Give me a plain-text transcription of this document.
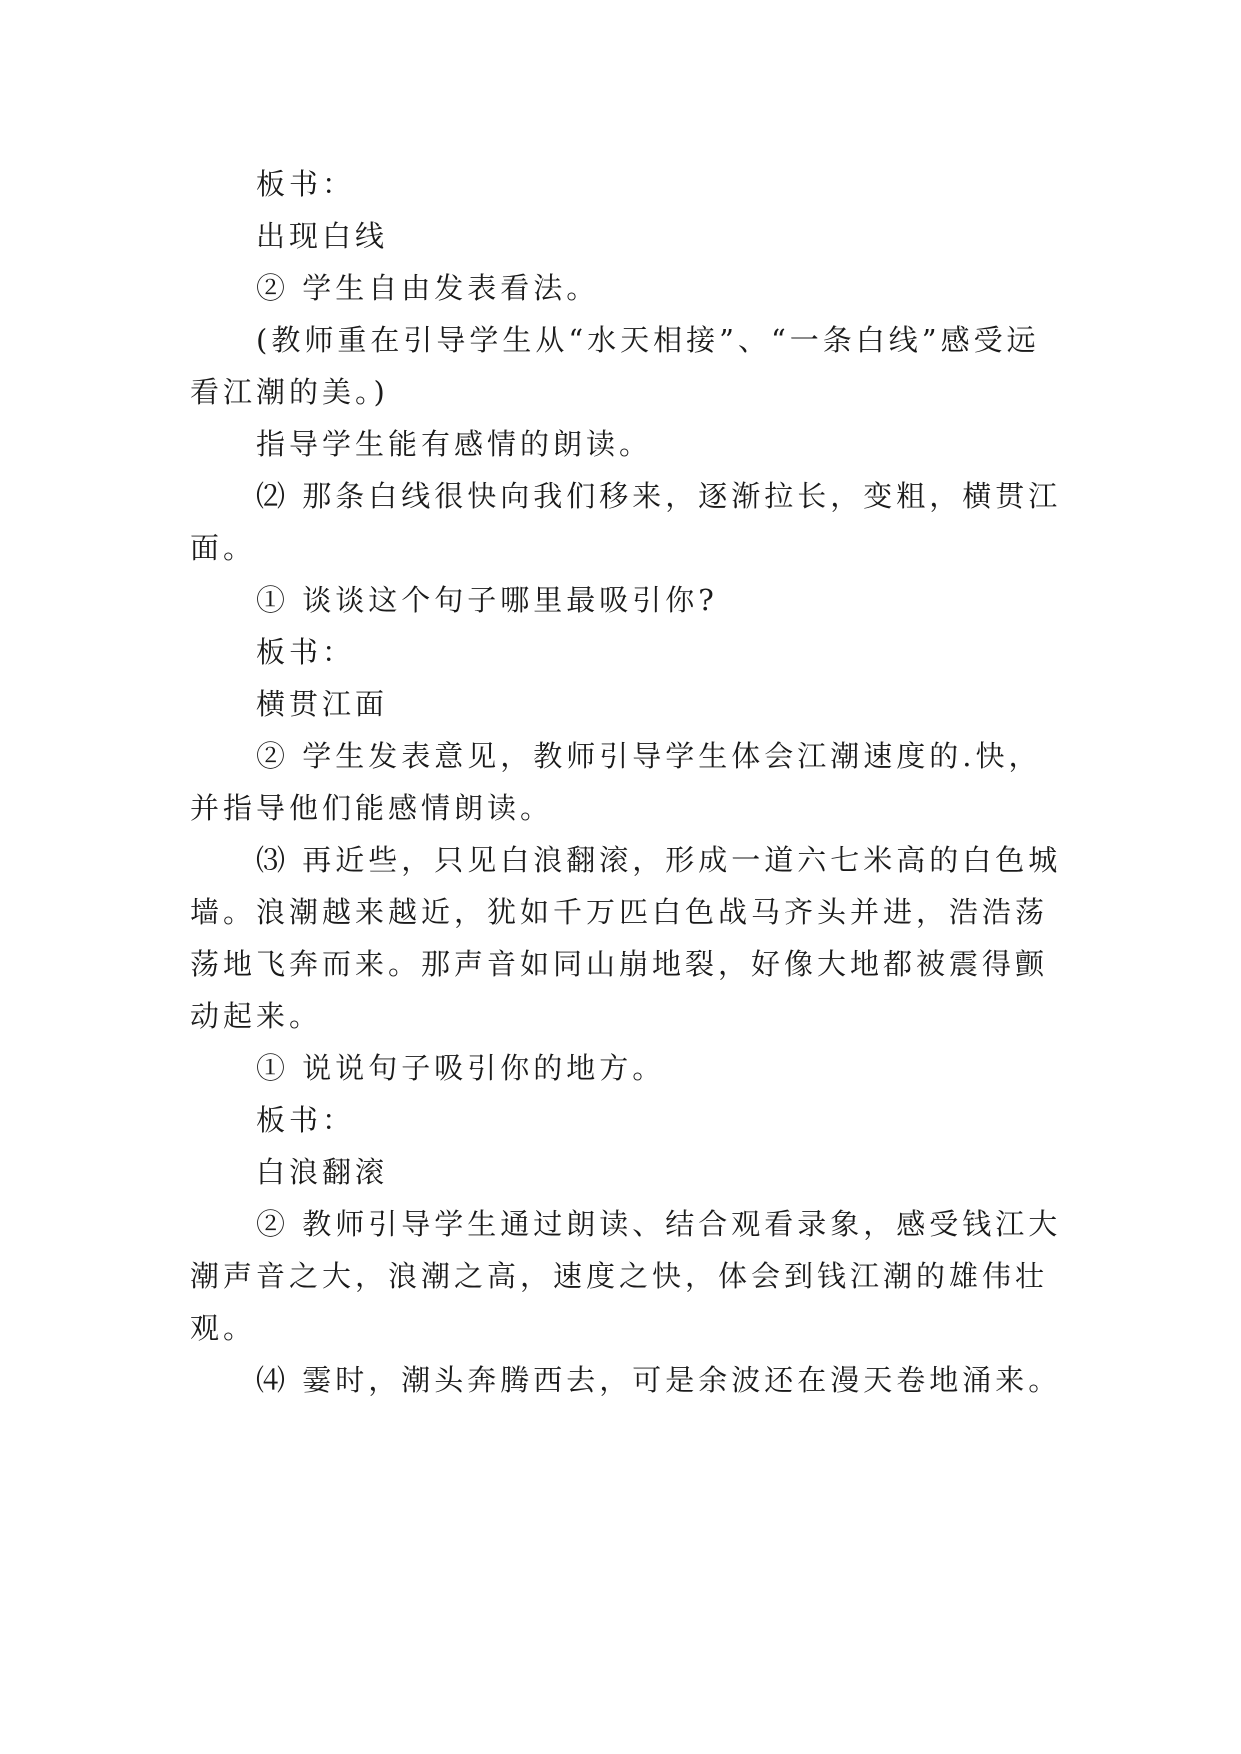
板书：

出现白线

② 学生自由发表看法。

(教师重在引导学生从“水天相接”、“一条白线”感受远看江潮的美。)

指导学生能有感情的朗读。

⑵ 那条白线很快向我们移来，逐渐拉长，变粗，横贯江面。

① 谈谈这个句子哪里最吸引你?

板书：

横贯江面

② 学生发表意见，教师引导学生体会江潮速度的.快，并指导他们能感情朗读。

⑶ 再近些，只见白浪翻滚，形成一道六七米高的白色城墙。浪潮越来越近，犹如千万匹白色战马齐头并进，浩浩荡荡地飞奔而来。那声音如同山崩地裂，好像大地都被震得颤动起来。

① 说说句子吸引你的地方。

板书：

白浪翻滚

② 教师引导学生通过朗读、结合观看录象，感受钱江大潮声音之大，浪潮之高，速度之快，体会到钱江潮的雄伟壮观。

⑷ 霎时，潮头奔腾西去，可是余波还在漫天卷地涌来。
